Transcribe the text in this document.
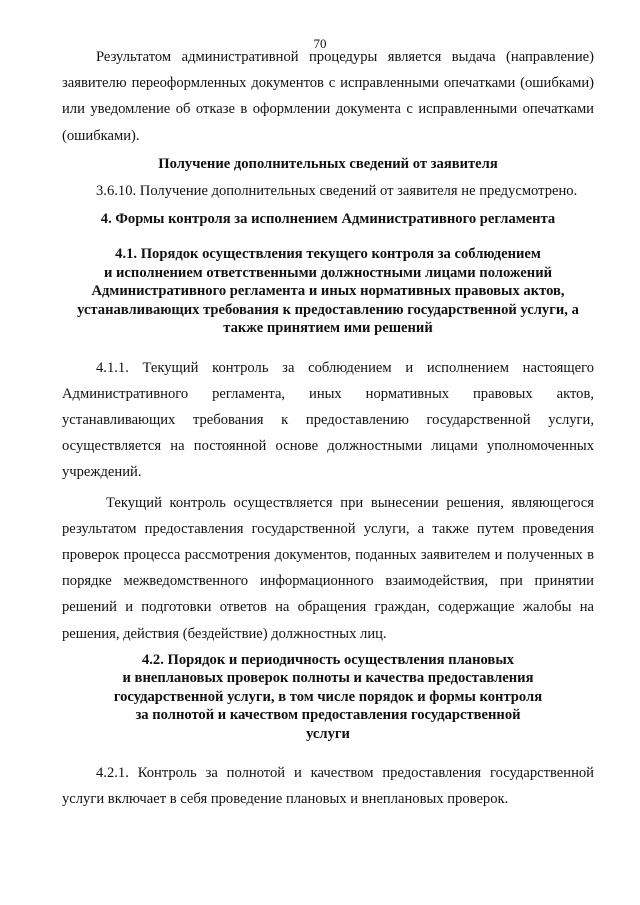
70

Результатом административной процедуры является выдача (направление) заявителю переоформленных документов с исправленными опечатками (ошибками) или уведомление об отказе в оформлении документа с исправленными опечатками (ошибками).

Получение дополнительных сведений от заявителя

3.6.10. Получение дополнительных сведений от заявителя не предусмотрено.

4. Формы контроля за исполнением Административного регламента

4.1. Порядок осуществления текущего контроля за соблюдением
и исполнением ответственными должностными лицами положений
Административного регламента и иных нормативных правовых актов,
устанавливающих требования к предоставлению государственной услуги, а
также принятием ими решений

4.1.1. Текущий контроль за соблюдением и исполнением настоящего Административного регламента, иных нормативных правовых актов, устанавливающих требования к предоставлению государственной услуги, осуществляется на постоянной основе должностными лицами уполномоченных учреждений.

Текущий контроль осуществляется при вынесении решения, являющегося результатом предоставления государственной услуги, а также путем проведения проверок процесса рассмотрения документов, поданных заявителем и полученных в порядке межведомственного информационного взаимодействия, при принятии решений и подготовки ответов на обращения граждан, содержащие жалобы на решения, действия (бездействие) должностных лиц.

4.2. Порядок и периодичность осуществления плановых
и внеплановых проверок полноты и качества предоставления
государственной услуги, в том числе порядок и формы контроля
за полнотой и качеством предоставления государственной
услуги

4.2.1. Контроль за полнотой и качеством предоставления государственной услуги включает в себя проведение плановых и внеплановых проверок.
